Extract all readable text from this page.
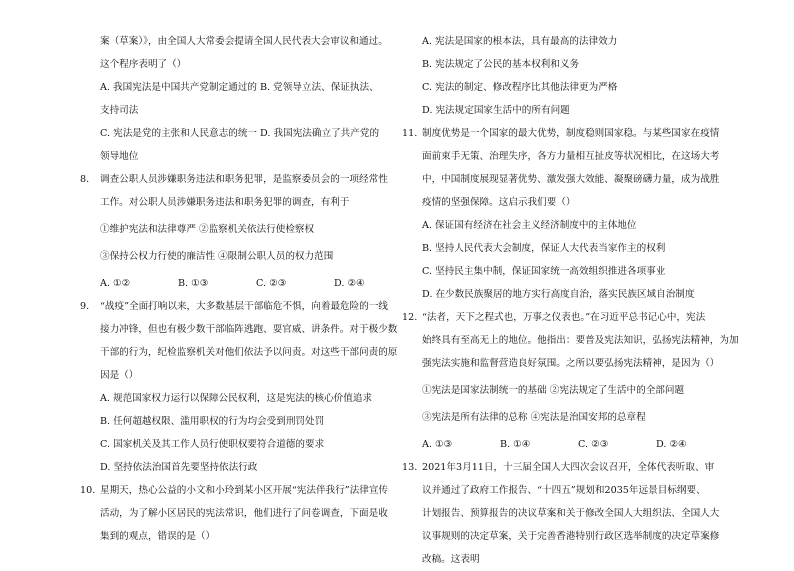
案（草案）》，由全国人大常委会提请全国人民代表大会审议和通过。
这个程序表明了（）
A. 我国宪法是中国共产党制定通过的 B. 党领导立法、保证执法、
支持司法
C. 宪法是党的主张和人民意志的统一 D. 我国宪法确立了共产党的
领导地位
8. 调查公职人员涉嫌职务违法和职务犯罪，是监察委员会的一项经常性
工作。对公职人员涉嫌职务违法和职务犯罪的调查，有利于
①维护宪法和法律尊严 ②监察机关依法行使检察权
③保持公权力行使的廉洁性 ④限制公职人员的权力范围
A. ①②	B. ①③	C. ②③	D. ②④
9. “战疫”全面打响以来，大多数基层干部临危不惧，向着最危险的一线
接力冲锋，但也有极少数干部临阵逃跑、耍官威、讲条件。对于极少数
干部的行为，纪检监察机关对他们依法予以问责。对这些干部问责的原
因是（）
A. 规范国家权力运行以保障公民权利，这是宪法的核心价值追求
B. 任何超越权限、滥用职权的行为均会受到刑罚处罚
C. 国家机关及其工作人员行使职权要符合道德的要求
D. 坚持依法治国首先要坚持依法行政
10. 星期天，热心公益的小文和小玲到某小区开展“宪法伴我行”法律宣传
活动，为了解小区居民的宪法常识，他们进行了问卷调查，下面是收
集到的观点，错误的是（）
A. 宪法是国家的根本法，具有最高的法律效力
B. 宪法规定了公民的基本权利和义务
C. 宪法的制定、修改程序比其他法律更为严格
D. 宪法规定国家生活中的所有问题
11. 制度优势是一个国家的最大优势，制度稳则国家稳。与某些国家在疫情
面前束手无策、治理失序，各方力量相互扯皮等状况相比，在这场大考
中，中国制度展现显著优势、激发强大效能、凝聚磅礴力量，成为战胜
疫情的坚强保障。这启示我们要（）
A. 保证国有经济在社会主义经济制度中的主体地位
B. 坚持人民代表大会制度，保证人大代表当家作主的权利
C. 坚持民主集中制，保证国家统一高效组织推进各项事业
D. 在少数民族聚居的地方实行高度自治，落实民族区域自治制度
12. “法者，天下之程式也，万事之仪表也。”在习近平总书记心中，宪法
始终具有至高无上的地位。他指出：要普及宪法知识，弘扬宪法精神，为加
强宪法实施和监督营造良好氛围。之所以要弘扬宪法精神，是因为（）
①宪法是国家法制统一的基础 ②宪法规定了生活中的全部问题
③宪法是所有法律的总称 ④宪法是治国安邦的总章程
A. ①③	B. ①④	C. ②③	D. ②④
13. 2021年3月11日，十三届全国人大四次会议召开，全体代表听取、审
议并通过了政府工作报告、“十四五”规划和2035年远景目标纲要、
计划报告、预算报告的决议草案和关于修改全国人大组织法、全国人大
议事规则的决定草案，关于完善香港特别行政区选举制度的决定草案修
改稿。这表明
